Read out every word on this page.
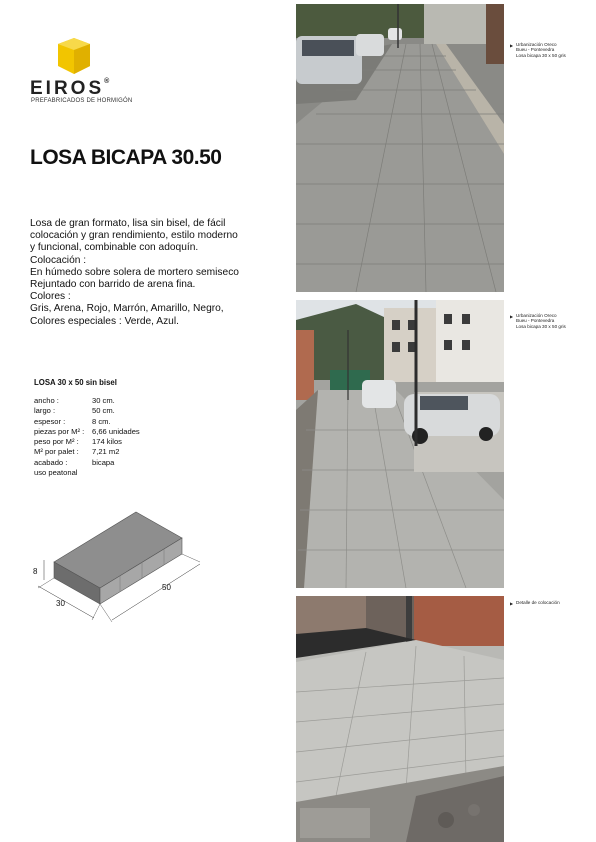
EIROS®
PREFABRICADOS DE HORMIGÓN
LOSA BICAPA 30.50
Losa de gran formato, lisa sin bisel, de fácil
colocación y gran rendimiento, estilo moderno
y funcional, combinable con adoquín.
Colocación :
En húmedo sobre solera de mortero semiseco
Rejuntado con barrido de arena fina.
Colores :
Gris, Arena, Rojo, Marrón, Amarillo, Negro,
Colores especiales : Verde, Azul.
LOSA 30 x 50 sin bisel
ancho :	30 cm.
largo :	50 cm.
espesor :	8 cm.
piezas por M² :	6,66 unidades
peso por M² :	174 kilos
M² por palet :	7,21 m2
acabado :	bicapa
uso peatonal
8
30
50
▶ Urbanización Oreco
Bueu - Pontevedra
Losa bicapa 30 x 50 gris
▶ Urbanización Oreco
Bueu - Pontevedra
Losa bicapa 30 x 50 gris
▶ Detalle de colocación
